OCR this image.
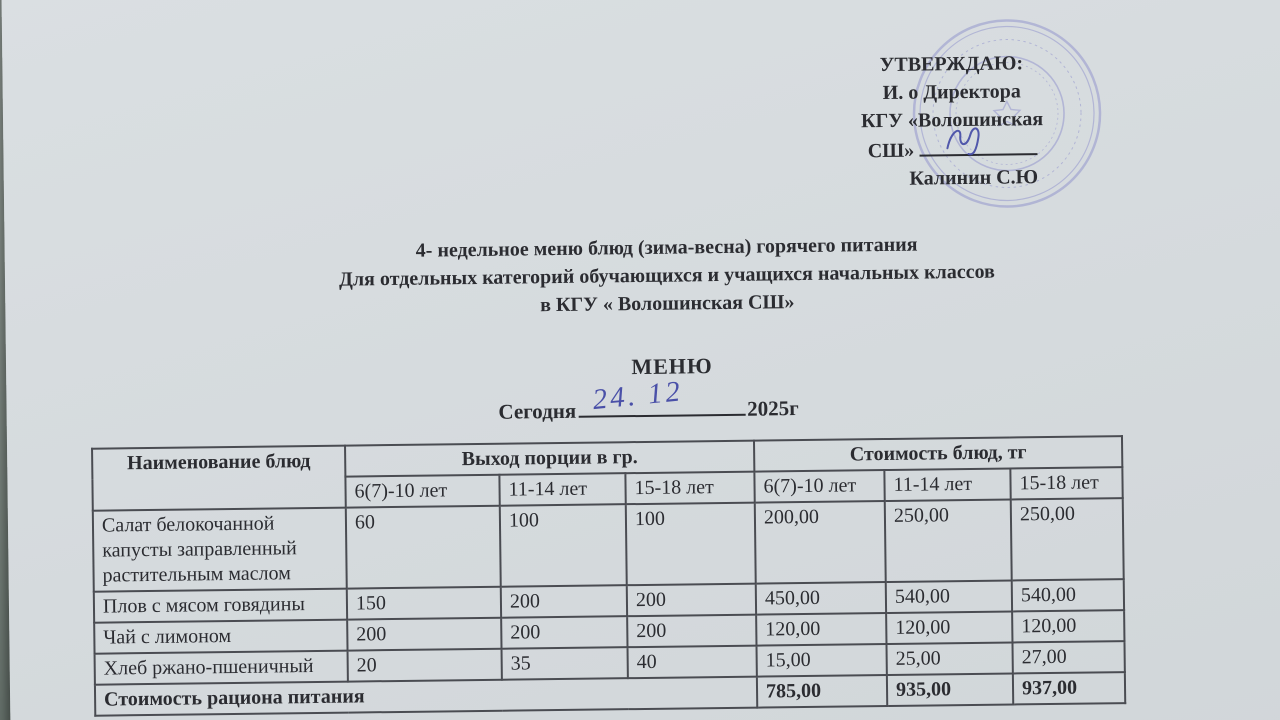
УТВЕРЖДАЮ:
И. о Директора
КГУ «Волошинская
СШ»
Калинин С.Ю
4- недельное меню блюд (зима-весна) горячего питания
Для отдельных категорий обучающихся и учащихся начальных классов
в КГУ « Волошинская СШ»
МЕНЮ
Сегодня 24. 12	2025г
Наименование блюд	Выход порции в гр.			Стоимость блюд, тг		
	6(7)-10 лет	11-14 лет	15-18 лет	6(7)-10 лет	11-14 лет	15-18 лет
Салат белокочанной капусты заправленный растительным маслом	60	100	100	200,00	250,00	250,00
Плов с мясом говядины	150	200	200	450,00	540,00	540,00
Чай с лимоном	200	200	200	120,00	120,00	120,00
Хлеб ржано-пшеничный	20	35	40	15,00	25,00	27,00
Стоимость рациона питания				785,00	935,00	937,00
